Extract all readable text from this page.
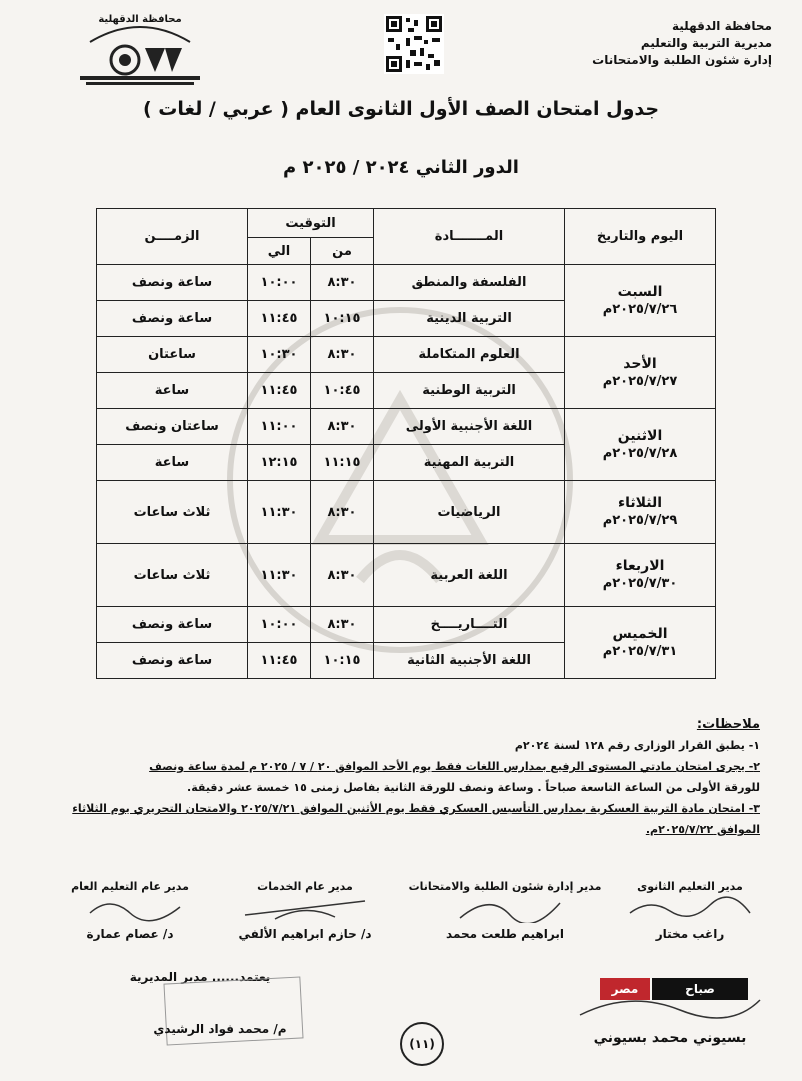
محافظة الدقهلية
مديرية التربية والتعليم
إدارة شئون الطلبة والامتحانات
محافظة الدقهلية
جدول امتحان الصف الأول الثانوى العام ( عربي / لغات )
الدور الثاني ٢٠٢٤ / ٢٠٢٥ م
اليوم والتاريخ	المـــــــادة	التوقيت		الزمــــن
		من	الي	

السبت
٢٠٢٥/٧/٢٦م	الفلسفة والمنطق	٨:٣٠	١٠:٠٠	ساعة ونصف
	التربية الدينية	١٠:١٥	١١:٤٥	ساعة ونصف

الأحد
٢٠٢٥/٧/٢٧م	العلوم المتكاملة	٨:٣٠	١٠:٣٠	ساعتان
	التربية الوطنية	١٠:٤٥	١١:٤٥	ساعة

الاثنين
٢٠٢٥/٧/٢٨م	اللغة الأجنبية الأولى	٨:٣٠	١١:٠٠	ساعتان ونصف
	التربية المهنية	١١:١٥	١٢:١٥	ساعة

الثلاثاء
٢٠٢٥/٧/٢٩م	الرياضيات	٨:٣٠	١١:٣٠	ثلاث ساعات

الاربعاء
٢٠٢٥/٧/٣٠م	اللغة العربية	٨:٣٠	١١:٣٠	ثلاث ساعات

الخميس
٢٠٢٥/٧/٣١م	التــــاريــــخ	٨:٣٠	١٠:٠٠	ساعة ونصف
	اللغة الأجنبية الثانية	١٠:١٥	١١:٤٥	ساعة ونصف
ملاحظات:
١- يطبق القرار الوزارى رقم ١٢٨ لسنة ٢٠٢٤م
٢- يجرى امتحان مادتي المستوى الرفيع بمدارس اللغات فقط يوم الأحد الموافق ٢٠ / ٧ / ٢٠٢٥ م لمدة ساعة ونصف
للورقة الأولى من الساعة التاسعة صباحاً . وساعة ونصف للورقة الثانية بفاصل زمنى ١٥ خمسة عشر دقيقة.
٣- امتحان مادة التربية العسكرية بمدارس التأسيس العسكري فقط يوم الأثنين الموافق ٢٠٢٥/٧/٢١ والامتحان التحريري يوم الثلاثاء
الموافق ٢٠٢٥/٧/٢٢م.
مدير التعليم الثانوى
راغب مختار
مدير إدارة شئون الطلبة والامتحانات
ابراهيم طلعت محمد
مدير عام الخدمات
د/ حازم ابراهيم الألفي
مدير عام التعليم العام
د/ عصام عمارة
يعتمد...... مدير المديرية
م/ محمد فواد الرشيدي
(١١)	بسيوني محمد بسيوني
مصر	صباح
